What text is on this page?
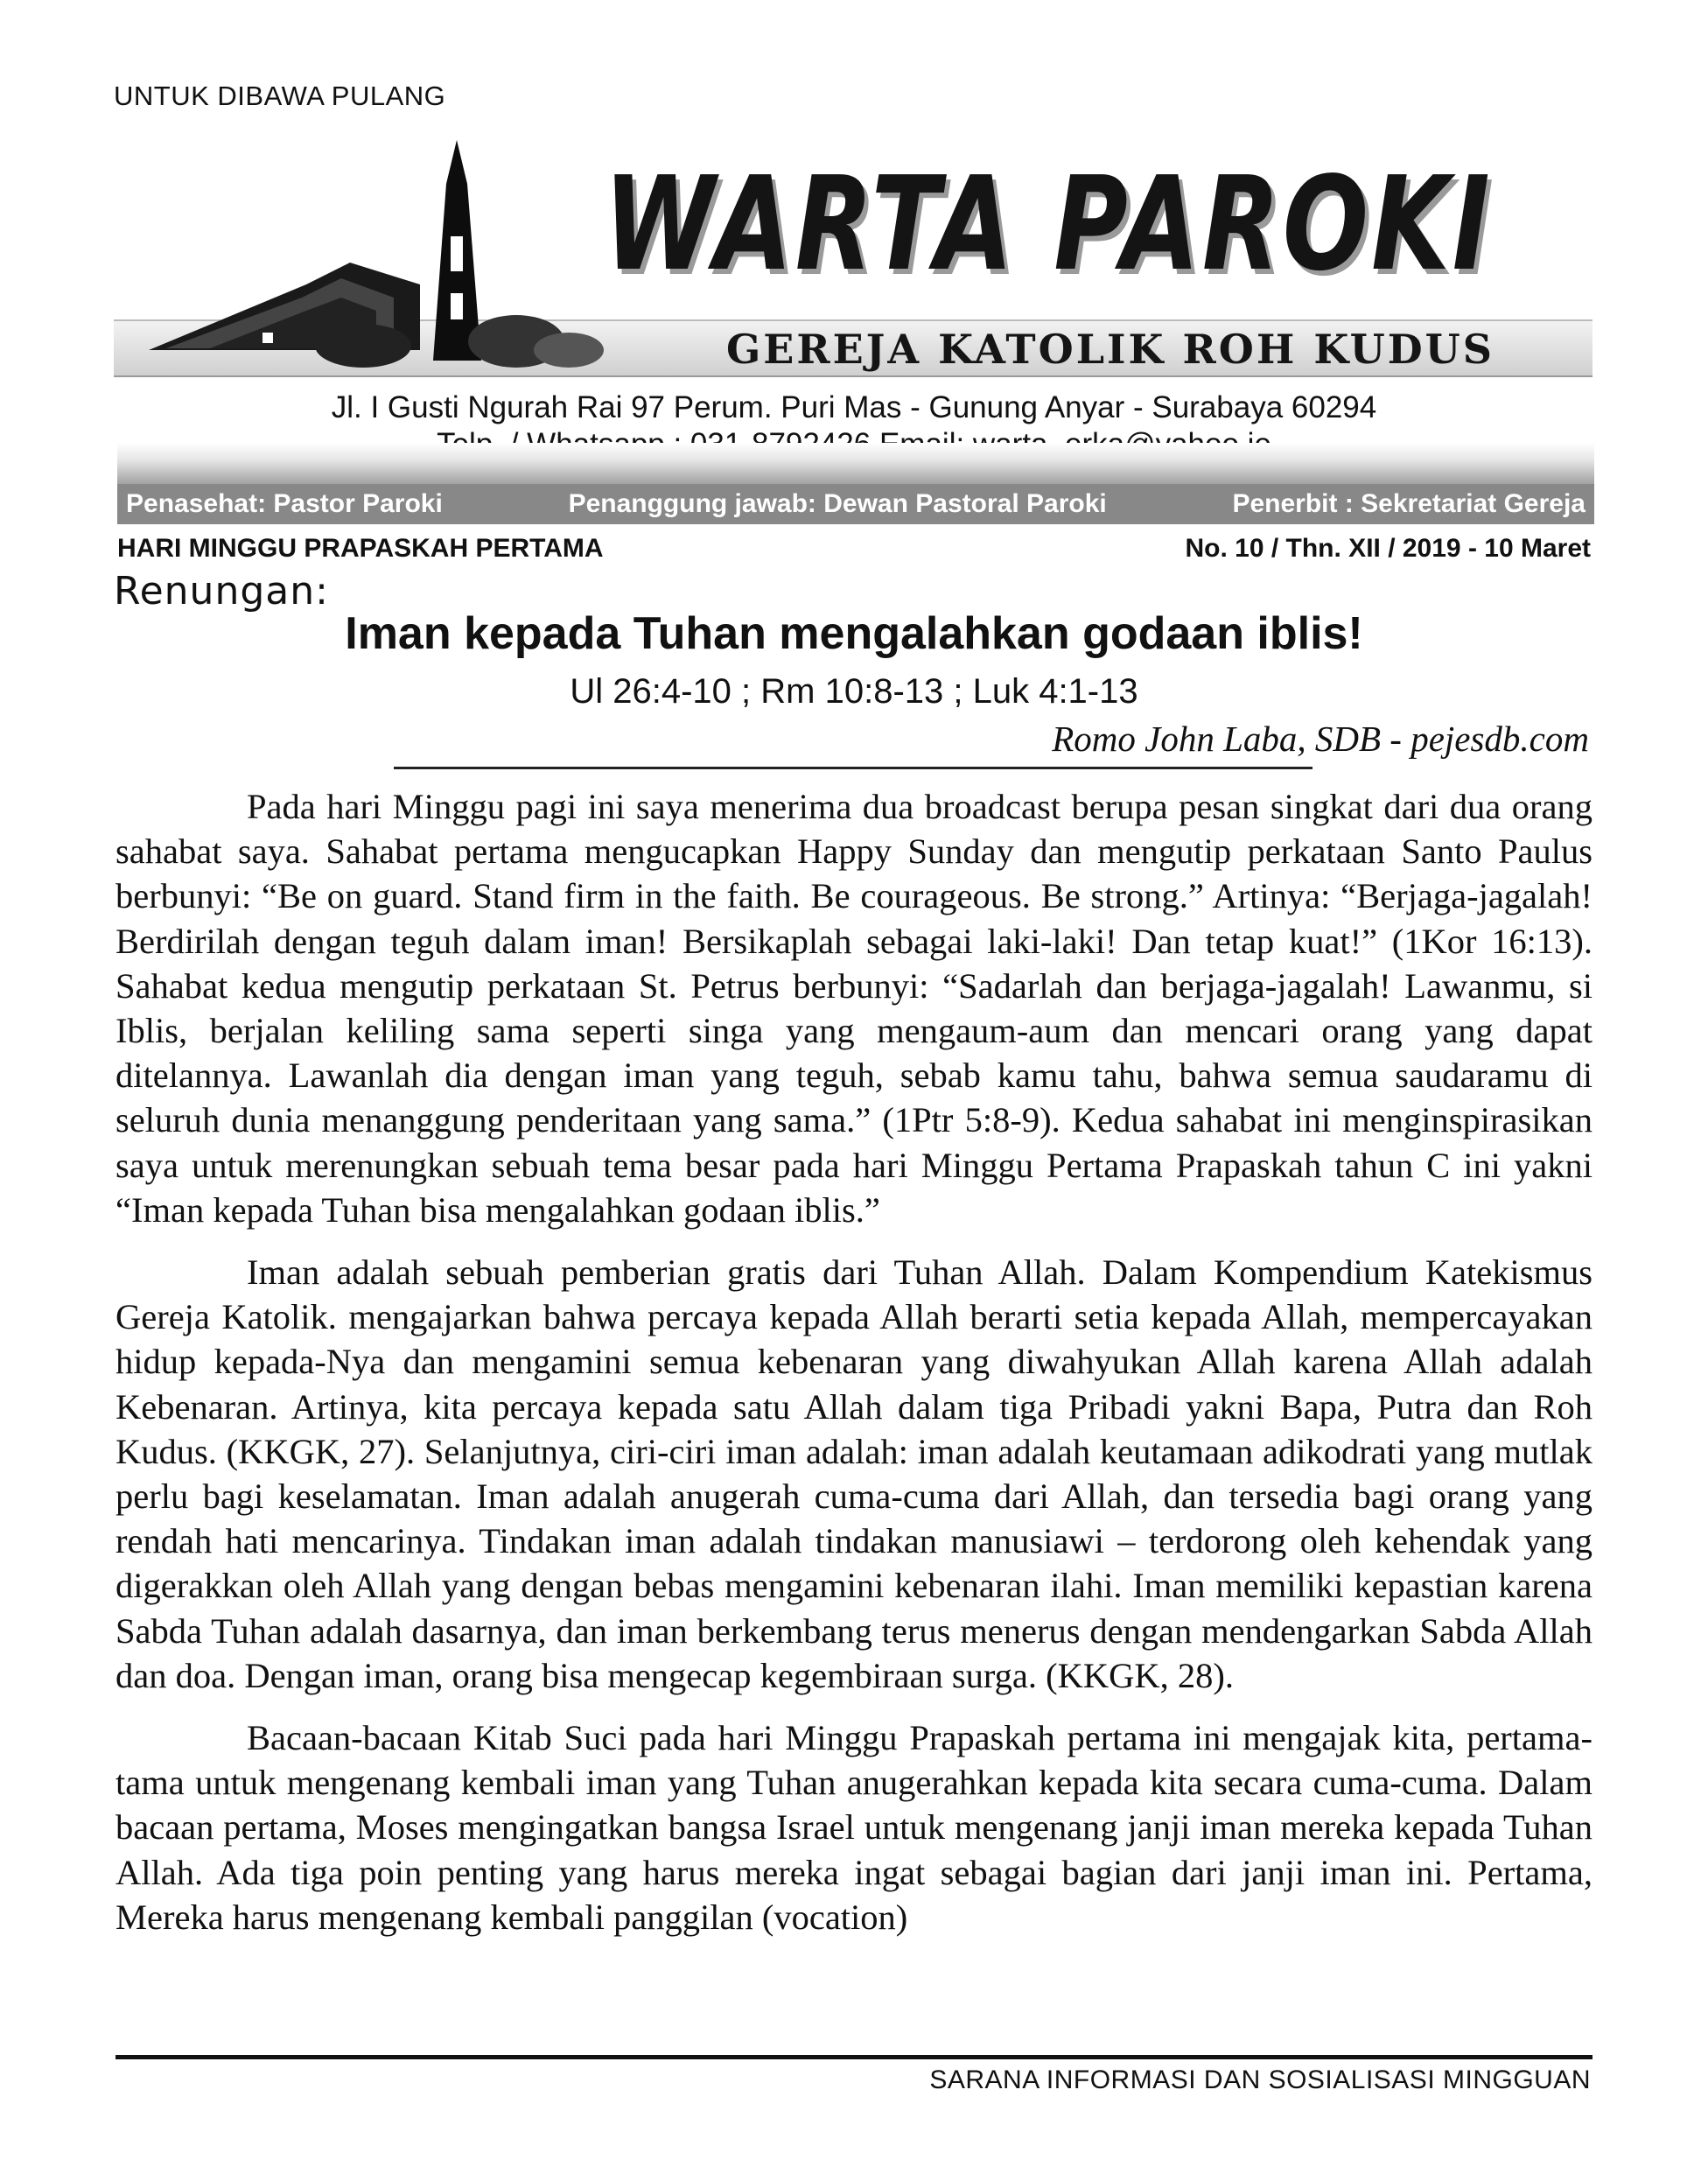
UNTUK DIBAWA PULANG
WARTA PAROKI
GEREJA KATOLIK ROH KUDUS
Jl. I Gusti Ngurah Rai 97 Perum. Puri Mas - Gunung Anyar - Surabaya 60294
Penasehat: Pastor Paroki	Penanggung jawab: Dewan Pastoral Paroki	Penerbit : Sekretariat Gereja
HARI MINGGU PRAPASKAH PERTAMA	No. 10 / Thn. XII / 2019 - 10 Maret
Renungan:
Iman kepada Tuhan mengalahkan godaan iblis!
Ul 26:4-10 ; Rm 10:8-13 ; Luk 4:1-13
Romo John Laba, SDB - pejesdb.com

Pada hari Minggu pagi ini saya menerima dua broadcast berupa pesan singkat dari dua orang sahabat saya. Sahabat pertama mengucapkan Happy Sunday dan mengutip perkataan Santo Paulus berbunyi: “Be on guard. Stand firm in the faith. Be courageous. Be strong.” Artinya: “Berjaga-jagalah! Berdirilah dengan teguh dalam iman! Bersikaplah sebagai laki-laki! Dan tetap kuat!” (1Kor 16:13). Sahabat kedua mengutip perkataan St. Petrus berbunyi: “Sadarlah dan berjaga-jagalah! Lawanmu, si Iblis, berjalan keliling sama seperti singa yang mengaum-aum dan mencari orang yang dapat ditelannya. Lawanlah dia dengan iman yang teguh, sebab kamu tahu, bahwa semua saudaramu di seluruh dunia menanggung penderitaan yang sama.” (1Ptr 5:8-9). Kedua sahabat ini menginspirasikan saya untuk merenungkan sebuah tema besar pada hari Minggu Pertama Prapaskah tahun C ini yakni “Iman kepada Tuhan bisa mengalahkan godaan iblis.”

Iman adalah sebuah pemberian gratis dari Tuhan Allah. Dalam Kompendium Katekismus Gereja Katolik. mengajarkan bahwa percaya kepada Allah berarti setia kepada Allah, mempercayakan hidup kepada-Nya dan mengamini semua kebenaran yang diwahyukan Allah karena Allah adalah Kebenaran. Artinya, kita percaya kepada satu Allah dalam tiga Pribadi yakni Bapa, Putra dan Roh Kudus. (KKGK, 27). Selanjutnya, ciri-ciri iman adalah: iman adalah keutamaan adikodrati yang mutlak perlu bagi keselamatan. Iman adalah anugerah cuma-cuma dari Allah, dan tersedia bagi orang yang rendah hati mencarinya. Tindakan iman adalah tindakan manusiawi – terdorong oleh kehendak yang digerakkan oleh Allah yang dengan bebas mengamini kebenaran ilahi. Iman memiliki kepastian karena Sabda Tuhan adalah dasarnya, dan iman berkembang terus menerus dengan mendengarkan Sabda Allah dan doa. Dengan iman, orang bisa mengecap kegembiraan surga. (KKGK, 28).

Bacaan-bacaan Kitab Suci pada hari Minggu Prapaskah pertama ini mengajak kita, pertama-tama untuk mengenang kembali iman yang Tuhan anugerahkan kepada kita secara cuma-cuma. Dalam bacaan pertama, Moses mengingatkan bangsa Israel untuk mengenang janji iman mereka kepada Tuhan Allah. Ada tiga poin penting yang harus mereka ingat sebagai bagian dari janji iman ini. Pertama, Mereka harus mengenang kembali panggilan (vocation)

SARANA INFORMASI DAN SOSIALISASI MINGGUAN
